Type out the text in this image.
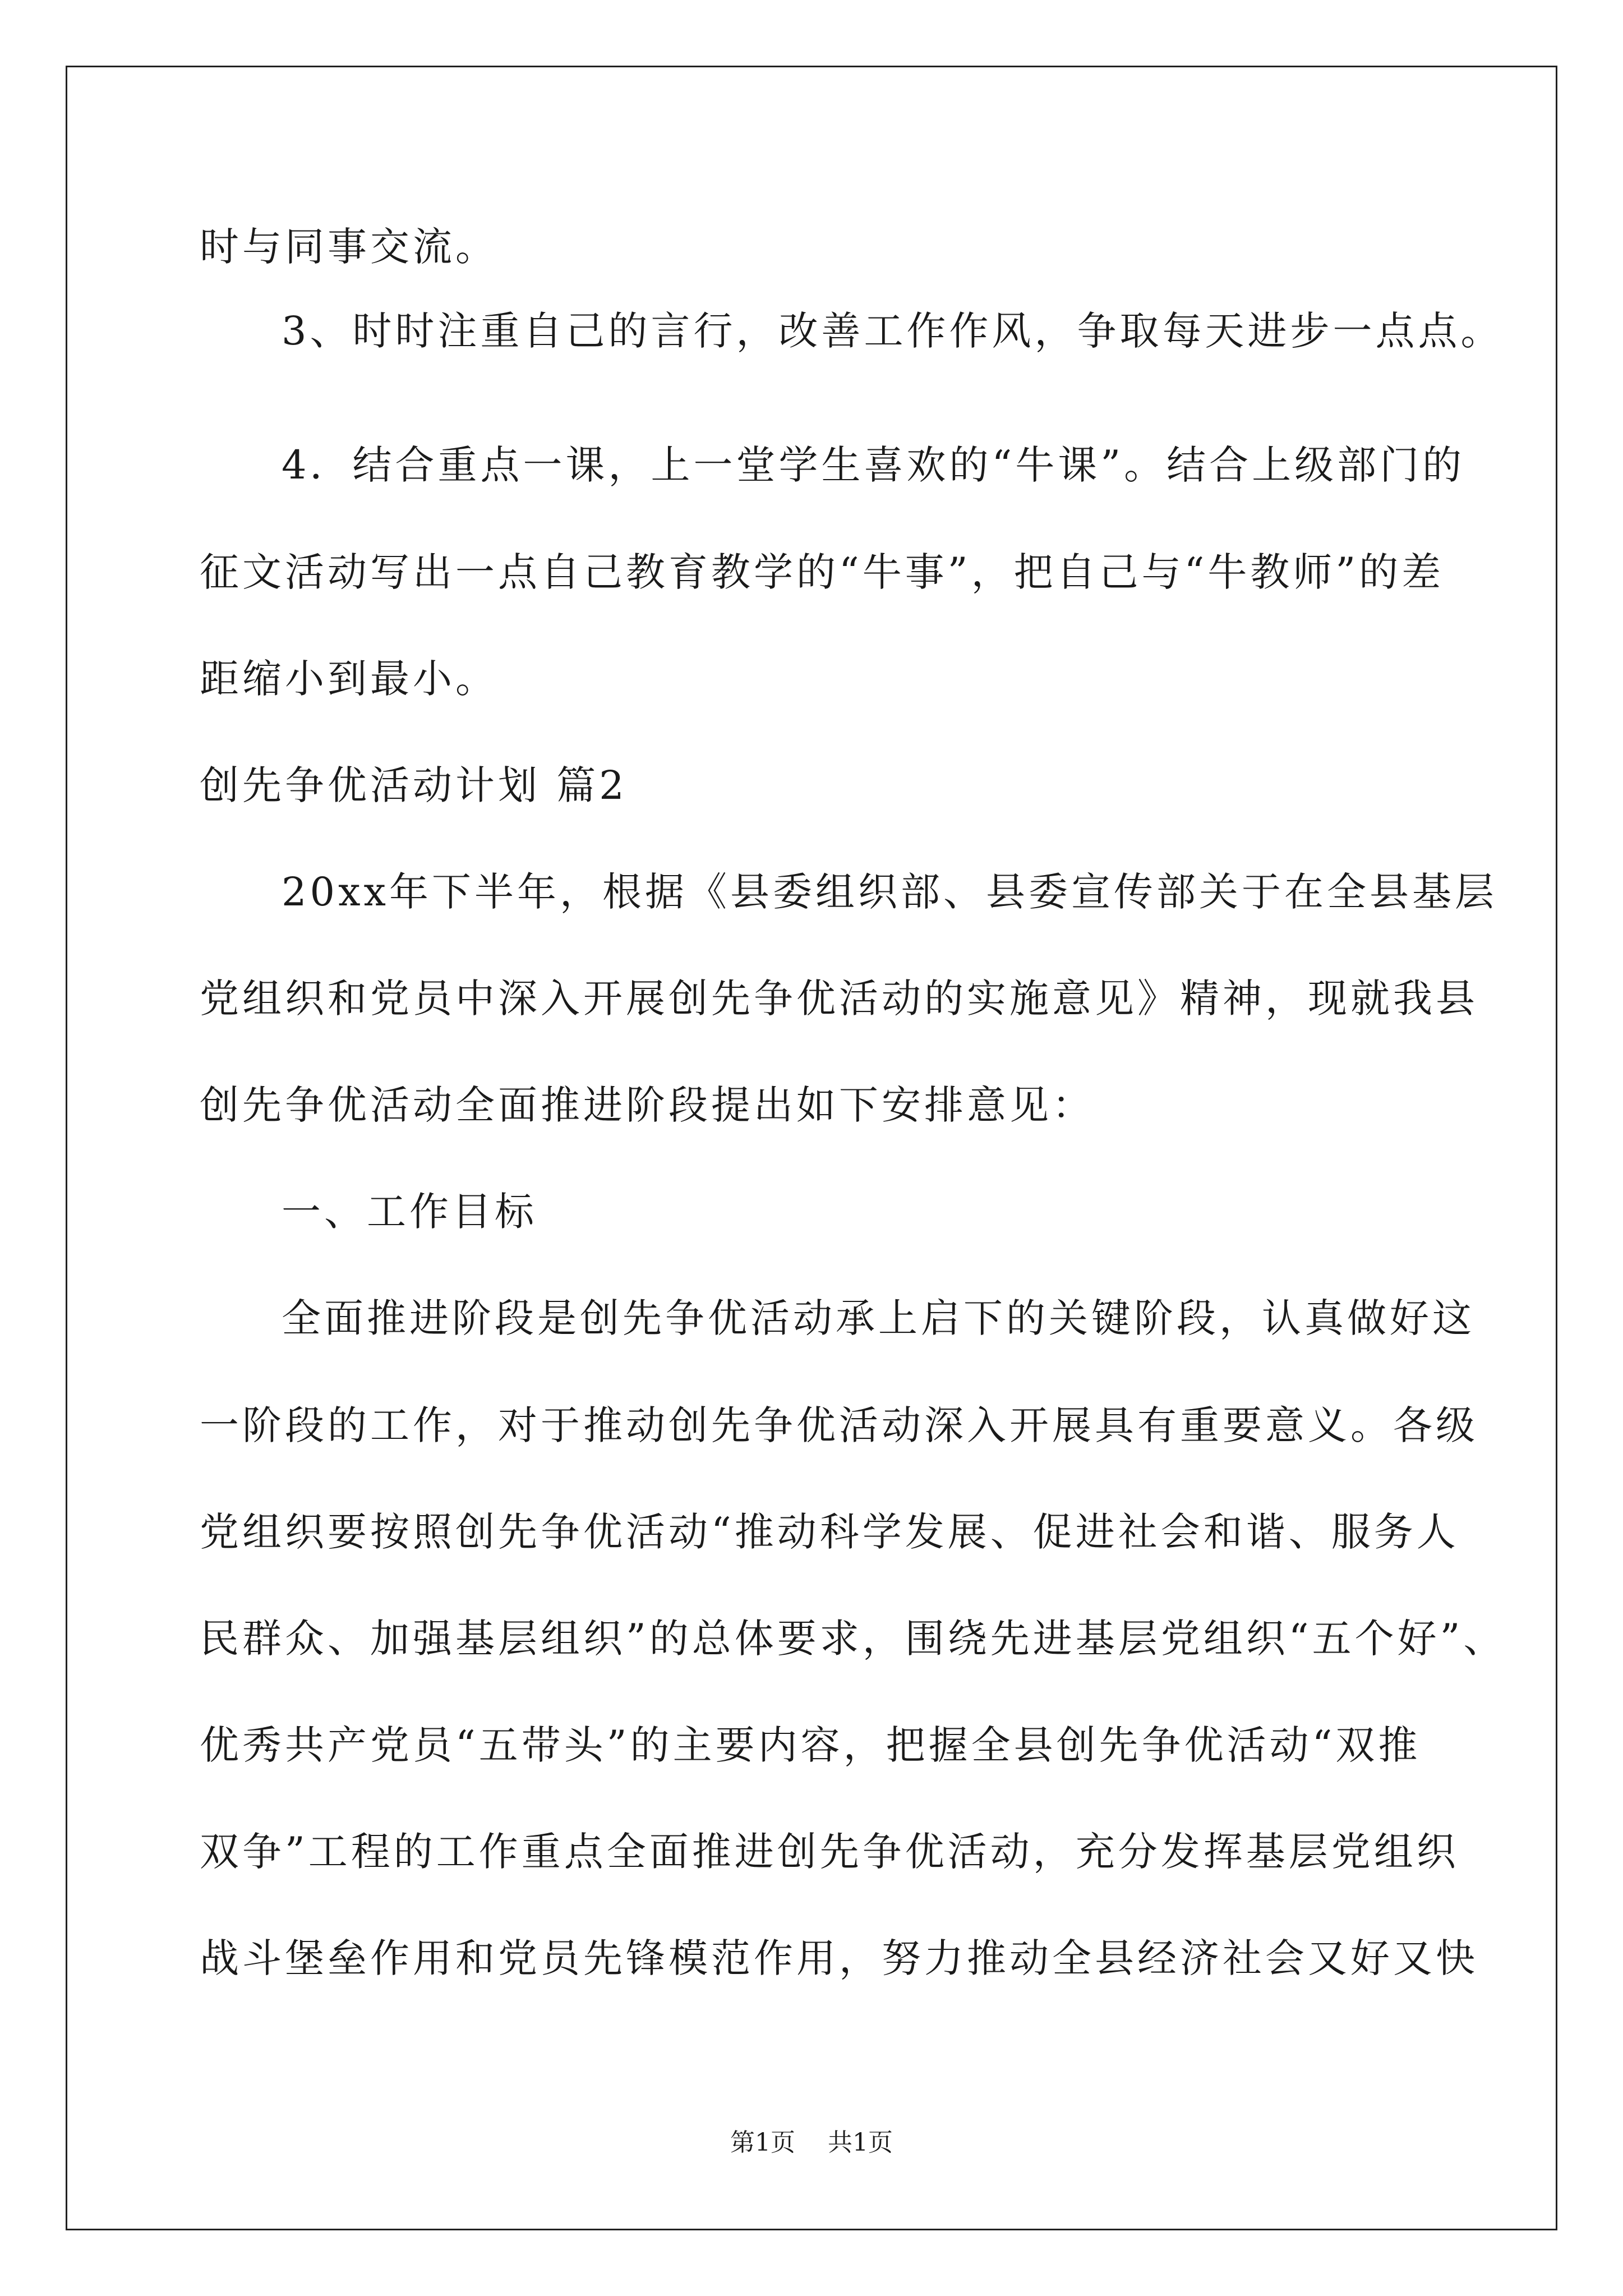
时与同事交流。
3、时时注重自己的言行，改善工作作风，争取每天进步一点点。
4．结合重点一课，上一堂学生喜欢的“牛课”。结合上级部门的
征文活动写出一点自己教育教学的“牛事”，把自己与“牛教师”的差
距缩小到最小。
创先争优活动计划 篇2
20xx年下半年，根据《县委组织部、县委宣传部关于在全县基层
党组织和党员中深入开展创先争优活动的实施意见》精神，现就我县
创先争优活动全面推进阶段提出如下安排意见：
一、工作目标
全面推进阶段是创先争优活动承上启下的关键阶段，认真做好这
一阶段的工作，对于推动创先争优活动深入开展具有重要意义。各级
党组织要按照创先争优活动“推动科学发展、促进社会和谐、服务人
民群众、加强基层组织”的总体要求，围绕先进基层党组织“五个好”、
优秀共产党员“五带头”的主要内容，把握全县创先争优活动“双推
双争”工程的工作重点全面推进创先争优活动，充分发挥基层党组织
战斗堡垒作用和党员先锋模范作用，努力推动全县经济社会又好又快
第1页 共1页
